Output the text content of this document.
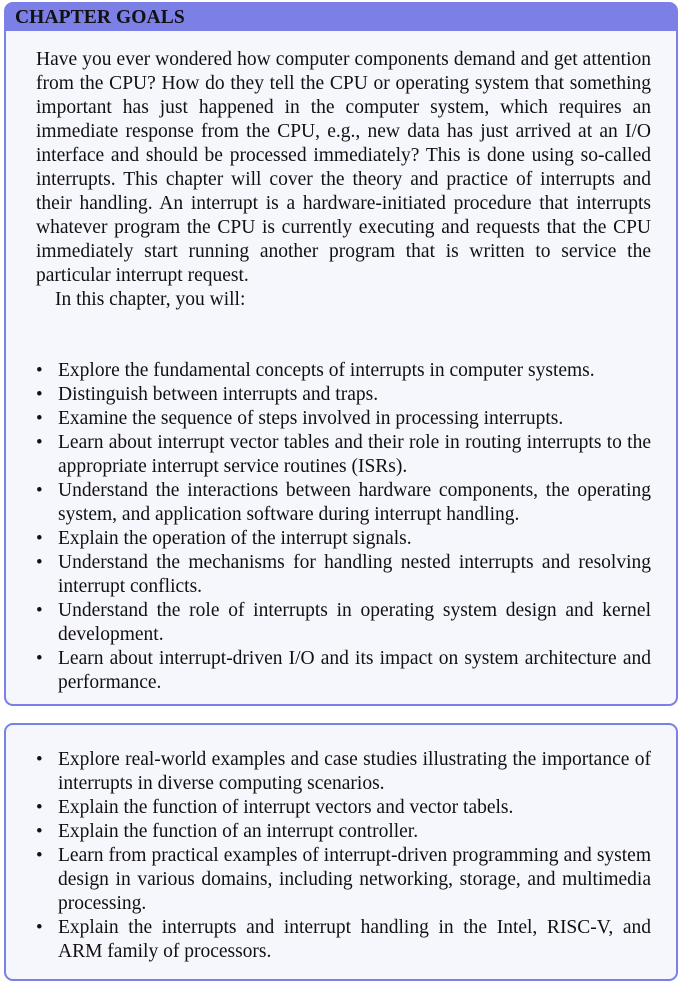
CHAPTER GOALS

Have you ever wondered how computer components demand and get attention from the CPU? How do they tell the CPU or operating system that something important has just happened in the computer system, which requires an immediate response from the CPU, e.g., new data has just arrived at an I/O interface and should be processed immediately? This is done using so-called interrupts. This chapter will cover the theory and practice of interrupts and their handling. An interrupt is a hardware-initiated procedure that interrupts whatever program the CPU is currently executing and requests that the CPU immediately start running another program that is written to service the particular interrupt request.

In this chapter, you will:

• Explore the fundamental concepts of interrupts in computer systems.
• Distinguish between interrupts and traps.
• Examine the sequence of steps involved in processing interrupts.
• Learn about interrupt vector tables and their role in routing interrupts to the appropriate interrupt service routines (ISRs).
• Understand the interactions between hardware components, the operating system, and application software during interrupt handling.
• Explain the operation of the interrupt signals.
• Understand the mechanisms for handling nested interrupts and resolving interrupt conflicts.
• Understand the role of interrupts in operating system design and kernel development.
• Learn about interrupt-driven I/O and its impact on system architecture and performance.
• Explore real-world examples and case studies illustrating the importance of interrupts in diverse computing scenarios.
• Explain the function of interrupt vectors and vector tabels.
• Explain the function of an interrupt controller.
• Learn from practical examples of interrupt-driven programming and system design in various domains, including networking, storage, and multimedia processing.
• Explain the interrupts and interrupt handling in the Intel, RISC-V, and ARM family of processors.
